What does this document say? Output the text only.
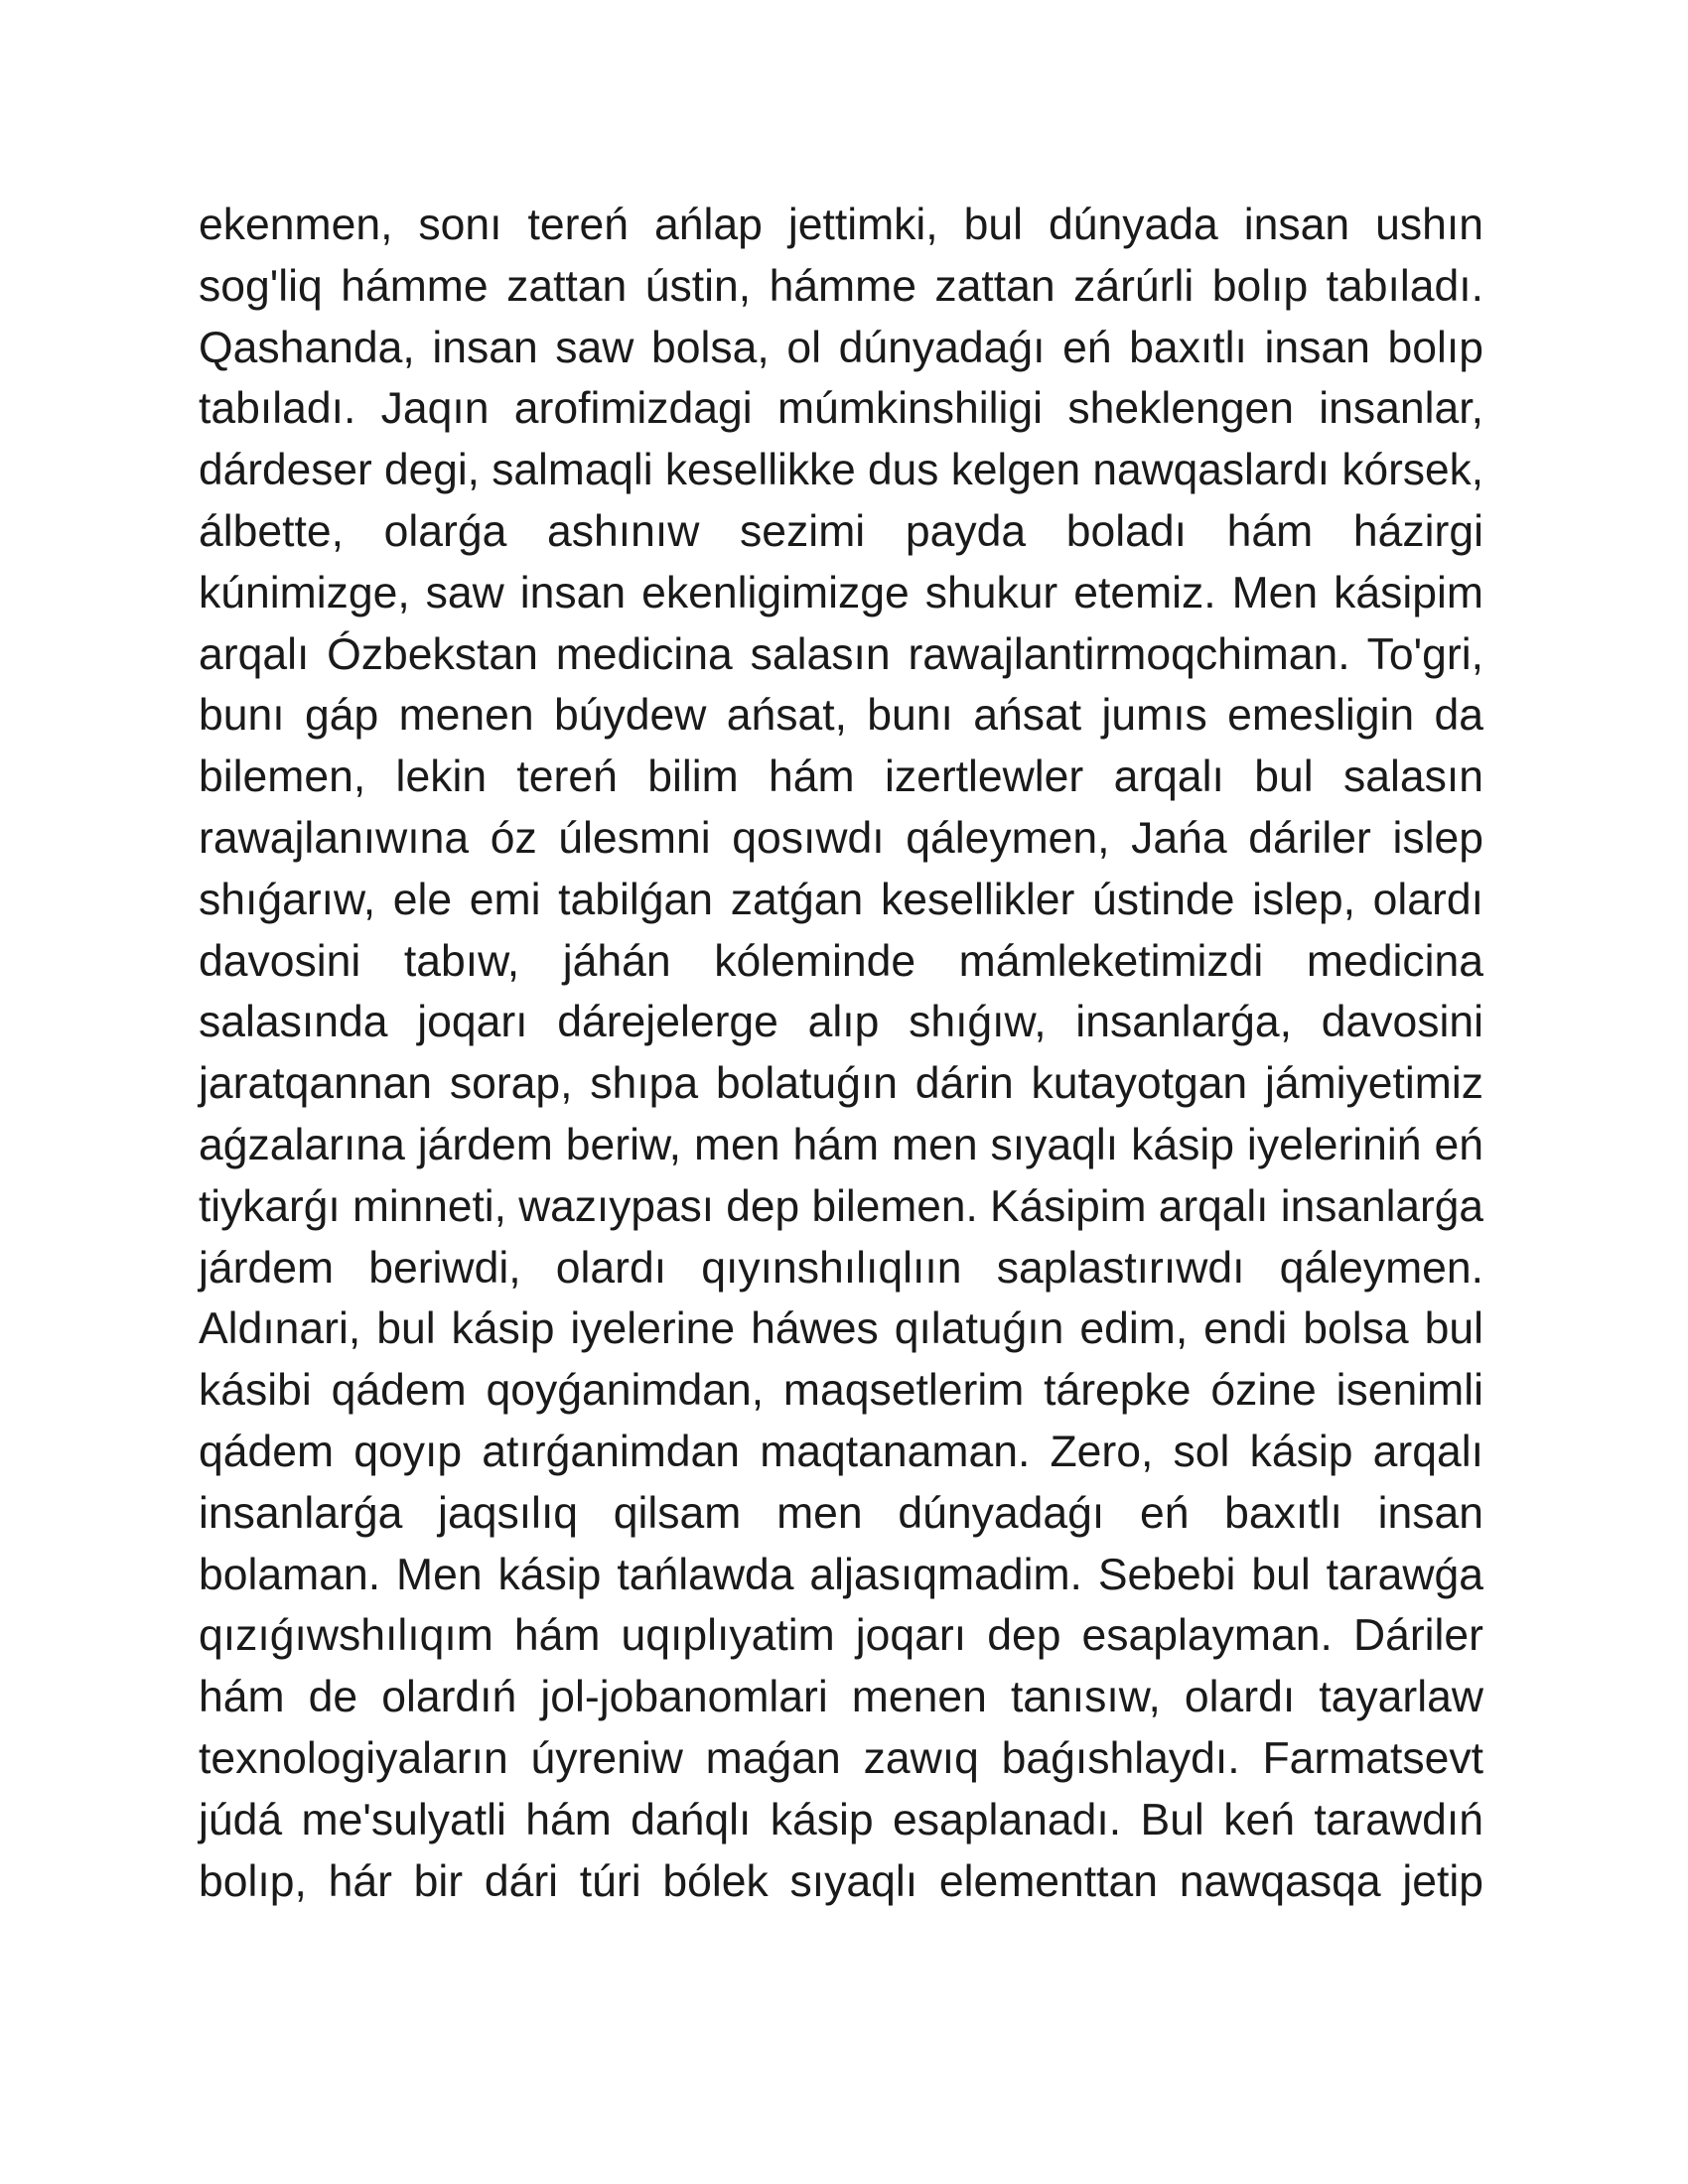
ekenmen, sonı tereń ańlap jettimki, bul dúnyada insan ushın
sog'liq hámme zattan ústin, hámme zattan zárúrli bolıp tabıladı.
Qashanda, insan saw bolsa, ol dúnyadaǵı eń baxıtlı insan bolıp
tabıladı. Jaqın arofimizdagi múmkinshiligi sheklengen insanlar,
dárdeser degi, salmaqli kesellikke dus kelgen nawqaslardı kórsek,
álbette, olarǵa ashınıw sezimi payda boladı hám házirgi
kúnimizge, saw insan ekenligimizge shukur etemiz. Men kásipim
arqalı Ózbekstan medicina salasın rawajlantirmoqchiman. To'gri,
bunı gáp menen búydew ańsat, bunı ańsat jumıs emesligin da
bilemen, lekin tereń bilim hám izertlewler arqalı bul salasın
rawajlanıwına óz úlesmni qosıwdı qáleymen, Jańa dáriler islep
shıǵarıw, ele emi tabilǵan zatǵan kesellikler ústinde islep, olardı
davosini tabıw, jáhán kóleminde mámleketimizdi medicina
salasında joqarı dárejelerge alıp shıǵıw, insanlarǵa, davosini
jaratqannan sorap, shıpa bolatuǵın dárin kutayotgan jámiyetimiz
aǵzalarına járdem beriw, men hám men sıyaqlı kásip iyeleriniń eń
tiykarǵı minneti, wazıypası dep bilemen. Kásipim arqalı insanlarǵa
járdem beriwdi, olardı qıyınshılıqlıın saplastırıwdı qáleymen.
Aldınari, bul kásip iyelerine háwes qılatuǵın edim, endi bolsa bul
kásibi qádem qoyǵanimdan, maqsetlerim tárepke ózine isenimli
qádem qoyıp atırǵanimdan maqtanaman. Zero, sol kásip arqalı
insanlarǵa jaqsılıq qilsam men dúnyadaǵı eń baxıtlı insan
bolaman. Men kásip tańlawda aljasıqmadim. Sebebi bul tarawǵa
qızıǵıwshılıqım hám uqıplıyatim joqarı dep esaplayman. Dáriler
hám de olardıń jol-jobanomlari menen tanısıw, olardı tayarlaw
texnologiyaların úyreniw maǵan zawıq baǵıshlaydı. Farmatsevt
júdá me'sulyatli hám dańqlı kásip esaplanadı. Bul keń tarawdıń
bolıp, hár bir dári túri bólek sıyaqlı elementtan nawqasqa jetip
